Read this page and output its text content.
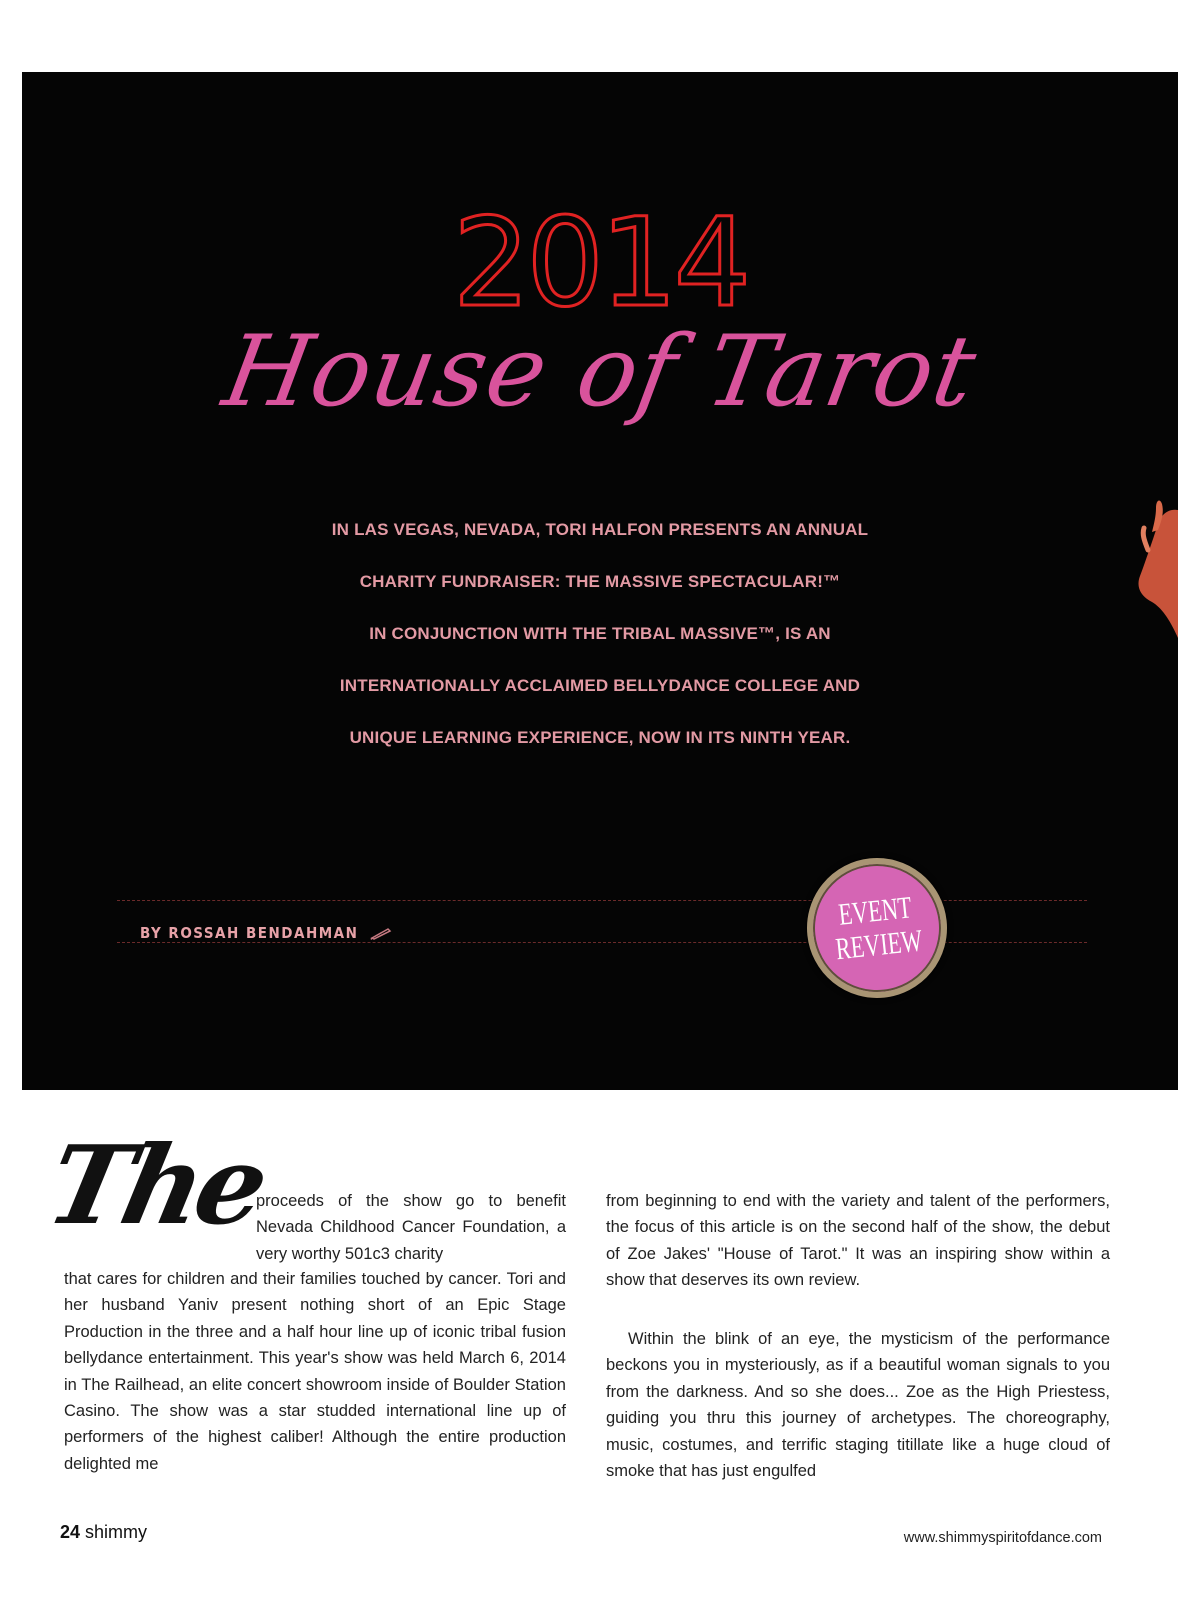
2014
House of Tarot
IN LAS VEGAS, NEVADA, TORI HALFON PRESENTS AN ANNUAL
CHARITY FUNDRAISER: THE MASSIVE SPECTACULAR!™
IN CONJUNCTION WITH THE TRIBAL MASSIVE™, IS AN
INTERNATIONALLY ACCLAIMED BELLYDANCE COLLEGE AND
UNIQUE LEARNING EXPERIENCE, NOW IN ITS NINTH YEAR.
BY ROSSAH BENDAHMAN
EVENT
REVIEW
The
proceeds of the show go to benefit Nevada Childhood Cancer Foundation, a very worthy 501c3 charity
that cares for children and their families touched by cancer. Tori and her husband Yaniv present nothing short of an Epic Stage Production in the three and a half hour line up of iconic tribal fusion bellydance entertainment. This year's show was held March 6, 2014 in The Railhead, an elite concert showroom inside of Boulder Station Casino. The show was a star studded international line up of performers of the highest caliber! Although the entire production delighted me
from beginning to end with the variety and talent of the performers, the focus of this article is on the second half of the show, the debut of Zoe Jakes' "House of Tarot." It was an inspiring show within a show that deserves its own review.
Within the blink of an eye, the mysticism of the performance beckons you in mysteriously, as if a beautiful woman signals to you from the darkness. And so she does... Zoe as the High Priestess, guiding you thru this journey of archetypes. The choreography, music, costumes, and terrific staging titillate like a huge cloud of smoke that has just engulfed
24 shimmy	www.shimmyspiritofdance.com
